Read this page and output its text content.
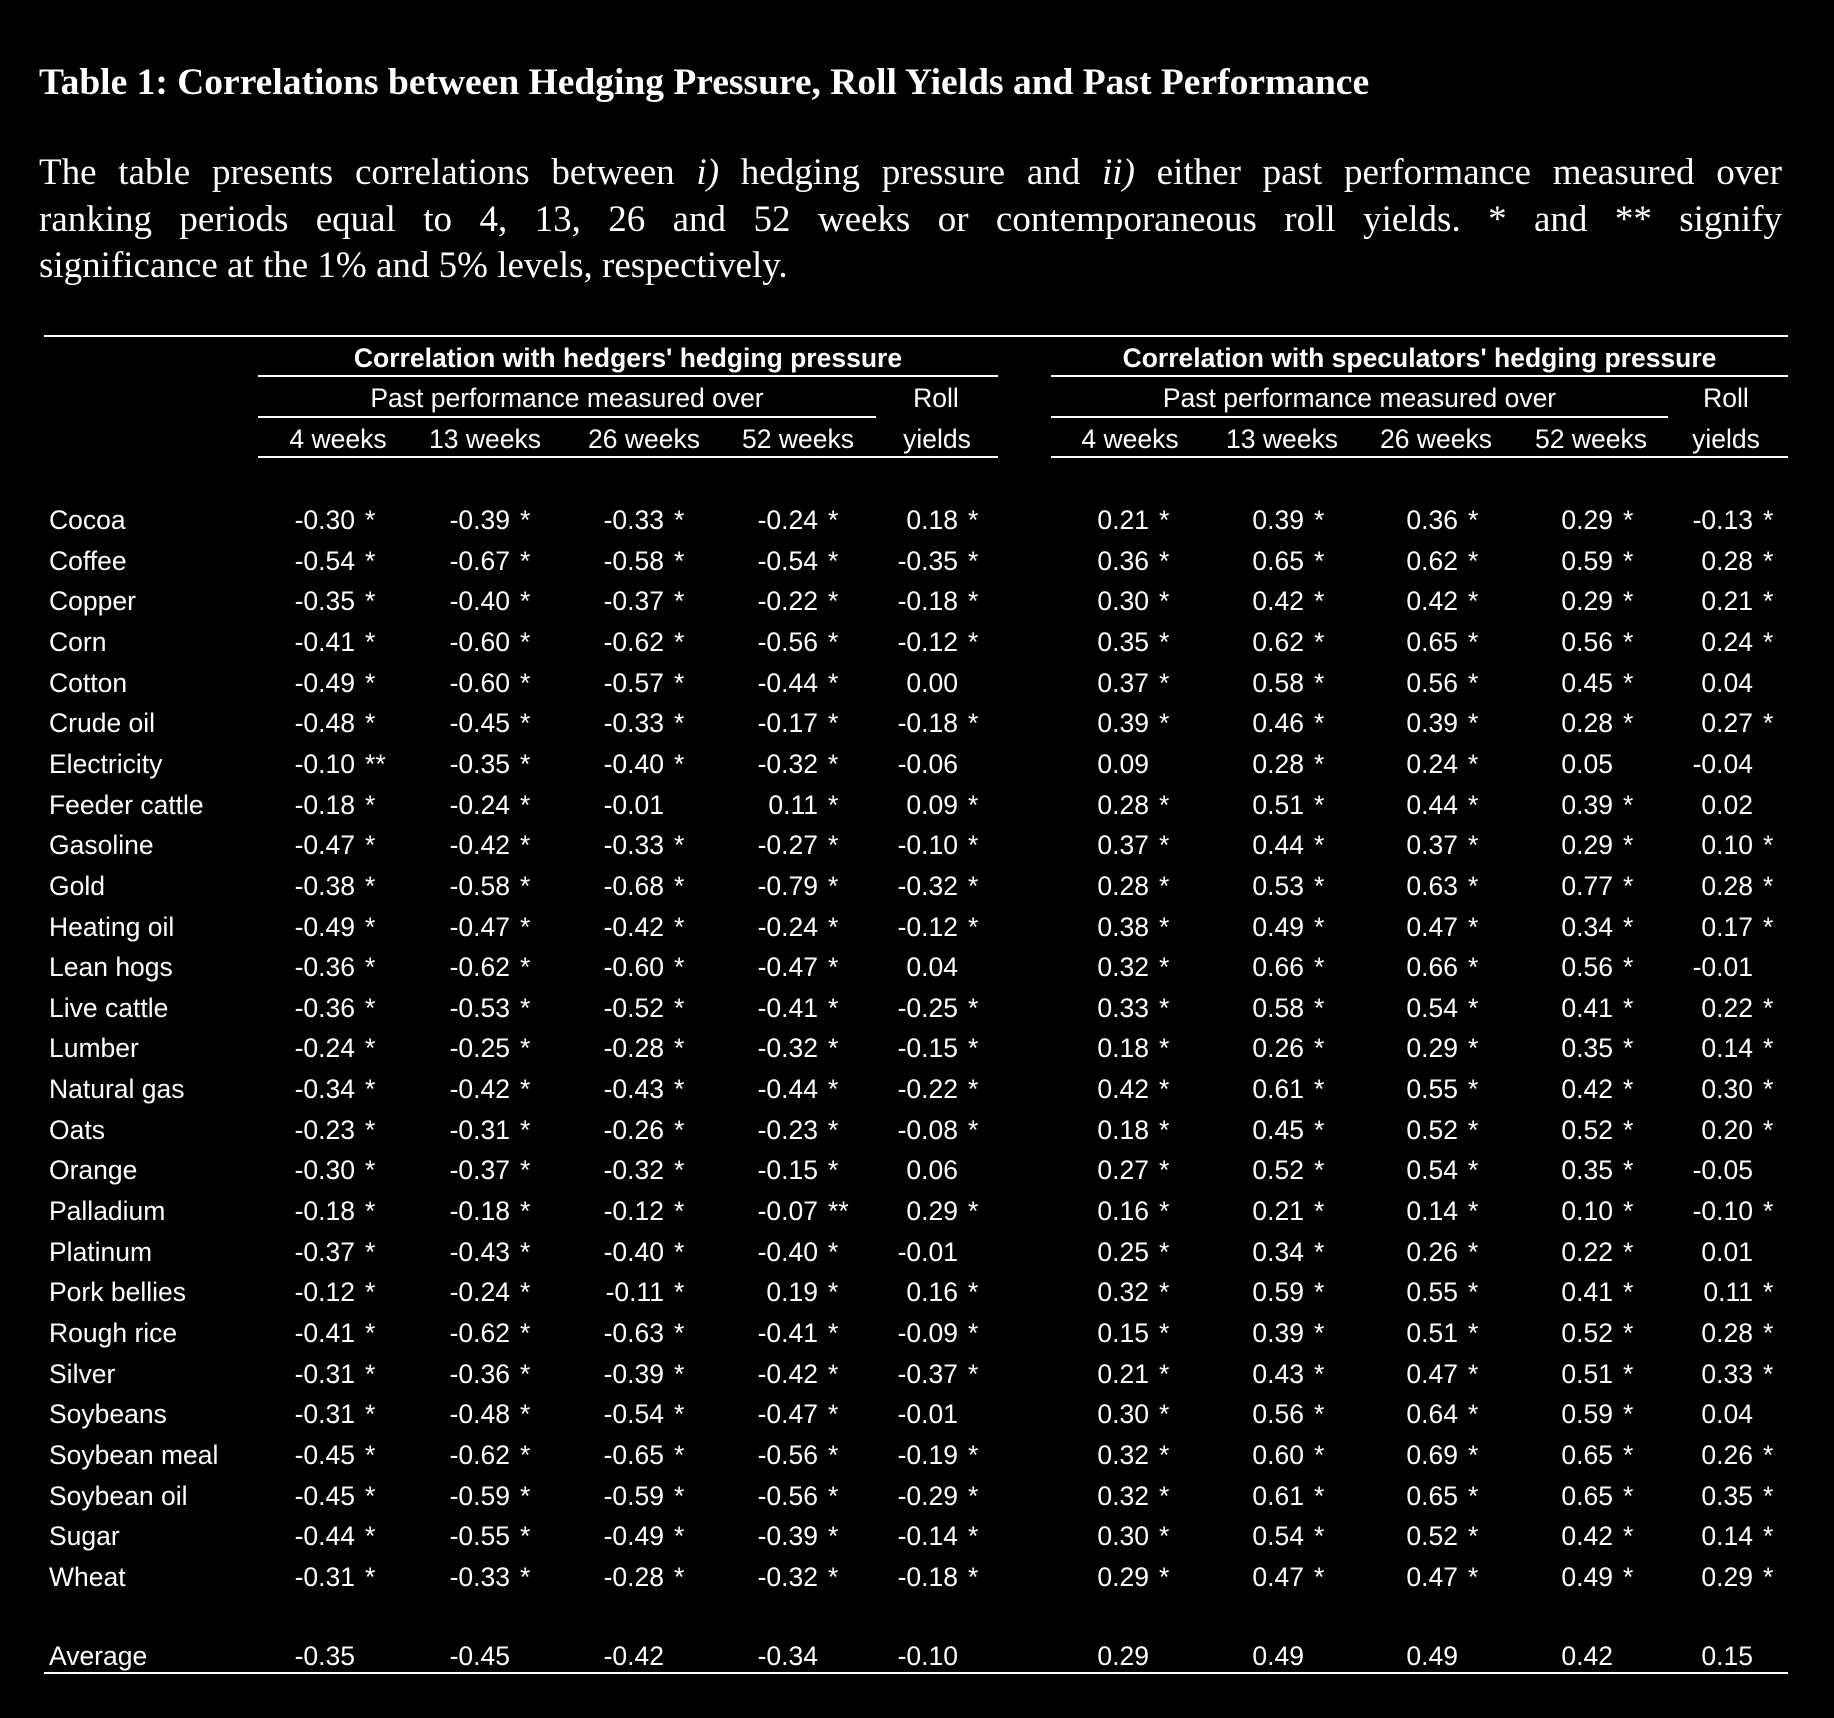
Table 1: Correlations between Hedging Pressure, Roll Yields and Past Performance
The table presents correlations between i) hedging pressure and ii) either past performance measured over
ranking periods equal to 4, 13, 26 and 52 weeks or contemporaneous roll yields. * and ** signify
significance at the 1% and 5% levels, respectively.
Correlation with hedgers' hedging pressure	Correlation with speculators' hedging pressure
Past performance measured over	Roll	Past performance measured over	Roll
4 weeks	13 weeks	26 weeks	52 weeks	yields	4 weeks	13 weeks	26 weeks	52 weeks	yields
Cocoa	-0.30 *	-0.39 *	-0.33 *	-0.24 *	0.18 *	0.21 *	0.39 *	0.36 *	0.29 * -0.13 *
Coffee	-0.54 *	-0.67 *	-0.58 *	-0.54 * -0.35 *	0.36 *	0.65 *	0.62 *	0.59 *	0.28 *
Copper	-0.35 *	-0.40 *	-0.37 *	-0.22 * -0.18 *	0.30 *	0.42 *	0.42 *	0.29 *	0.21 *
Corn	-0.41 *	-0.60 *	-0.62 *	-0.56 * -0.12 *	0.35 *	0.62 *	0.65 *	0.56 *	0.24 *
Cotton	-0.49 *	-0.60 *	-0.57 *	-0.44 *	0.00	0.37 *	0.58 *	0.56 *	0.45 *	0.04
Crude oil	-0.48 *	-0.45 *	-0.33 *	-0.17 * -0.18 *	0.39 *	0.46 *	0.39 *	0.28 *	0.27 *
Electricity	-0.10 ** -0.35 *	-0.40 *	-0.32 * -0.06	0.09	0.28 *	0.24 *	0.05	-0.04
Feeder cattle	-0.18 *	-0.24 *	-0.01	0.11 *	0.09 *	0.28 *	0.51 *	0.44 *	0.39 *	0.02
Gasoline	-0.47 *	-0.42 *	-0.33 *	-0.27 * -0.10 *	0.37 *	0.44 *	0.37 *	0.29 *	0.10 *
Gold	-0.38 *	-0.58 *	-0.68 *	-0.79 * -0.32 *	0.28 *	0.53 *	0.63 *	0.77 *	0.28 *
Heating oil	-0.49 *	-0.47 *	-0.42 *	-0.24 * -0.12 *	0.38 *	0.49 *	0.47 *	0.34 *	0.17 *
Lean hogs	-0.36 *	-0.62 *	-0.60 *	-0.47 *	0.04	0.32 *	0.66 *	0.66 *	0.56 * -0.01
Live cattle	-0.36 *	-0.53 *	-0.52 *	-0.41 * -0.25 *	0.33 *	0.58 *	0.54 *	0.41 *	0.22 *
Lumber	-0.24 *	-0.25 *	-0.28 *	-0.32 * -0.15 *	0.18 *	0.26 *	0.29 *	0.35 *	0.14 *
Natural gas	-0.34 *	-0.42 *	-0.43 *	-0.44 * -0.22 *	0.42 *	0.61 *	0.55 *	0.42 *	0.30 *
Oats	-0.23 *	-0.31 *	-0.26 *	-0.23 * -0.08 *	0.18 *	0.45 *	0.52 *	0.52 *	0.20 *
Orange	-0.30 *	-0.37 *	-0.32 *	-0.15 *	0.06	0.27 *	0.52 *	0.54 *	0.35 * -0.05
Palladium	-0.18 *	-0.18 *	-0.12 *	-0.07 ** 0.29 *	0.16 *	0.21 *	0.14 *	0.10 * -0.10 *
Platinum	-0.37 *	-0.43 *	-0.40 *	-0.40 * -0.01	0.25 *	0.34 *	0.26 *	0.22 *	0.01
Pork bellies	-0.12 *	-0.24 *	-0.11 *	0.19 *	0.16 *	0.32 *	0.59 *	0.55 *	0.41 *	0.11 *
Rough rice	-0.41 *	-0.62 *	-0.63 *	-0.41 * -0.09 *	0.15 *	0.39 *	0.51 *	0.52 *	0.28 *
Silver	-0.31 *	-0.36 *	-0.39 *	-0.42 * -0.37 *	0.21 *	0.43 *	0.47 *	0.51 *	0.33 *
Soybeans	-0.31 *	-0.48 *	-0.54 *	-0.47 * -0.01	0.30 *	0.56 *	0.64 *	0.59 *	0.04
Soybean meal	-0.45 *	-0.62 *	-0.65 *	-0.56 * -0.19 *	0.32 *	0.60 *	0.69 *	0.65 *	0.26 *
Soybean oil	-0.45 *	-0.59 *	-0.59 *	-0.56 * -0.29 *	0.32 *	0.61 *	0.65 *	0.65 *	0.35 *
Sugar	-0.44 *	-0.55 *	-0.49 *	-0.39 * -0.14 *	0.30 *	0.54 *	0.52 *	0.42 *	0.14 *
Wheat	-0.31 *	-0.33 *	-0.28 *	-0.32 * -0.18 *	0.29 *	0.47 *	0.47 *	0.49 *	0.29 *
Average	-0.35	-0.45	-0.42	-0.34	-0.10	0.29	0.49	0.49	0.42	0.15
